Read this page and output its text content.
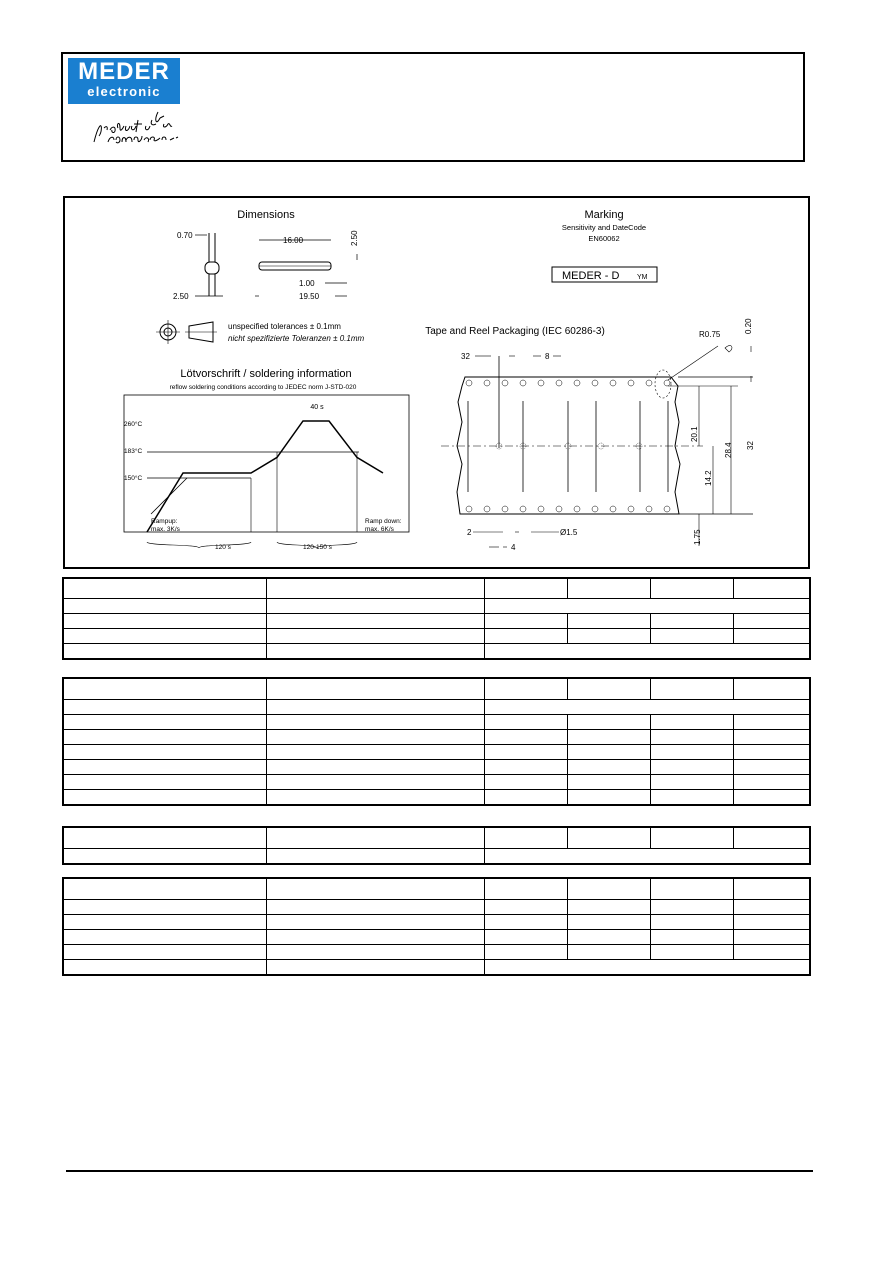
MEDER
electronic
Dimensions
0.70
16.00	2.50
1.00
2.50	19.50
unspecified tolerances ± 0.1mm
nicht spezifizierte Toleranzen ± 0.1mm
Marking
Sensitivity and DateCode
EN60062
MEDER - D	YM
Tape and Reel Packaging (IEC 60286-3)	R0.75
0.20
32	8
20.1
14.2
28.4 32
1.75
2	Ø1.5
4
Lötvorschrift / soldering information
reflow soldering conditions according to JEDEC norm J-STD-020
260°C
183°C
150°C
40 s
Rampup:
max. 3K/s
Ramp down:
max. 6K/s
120 s	120-150 s
